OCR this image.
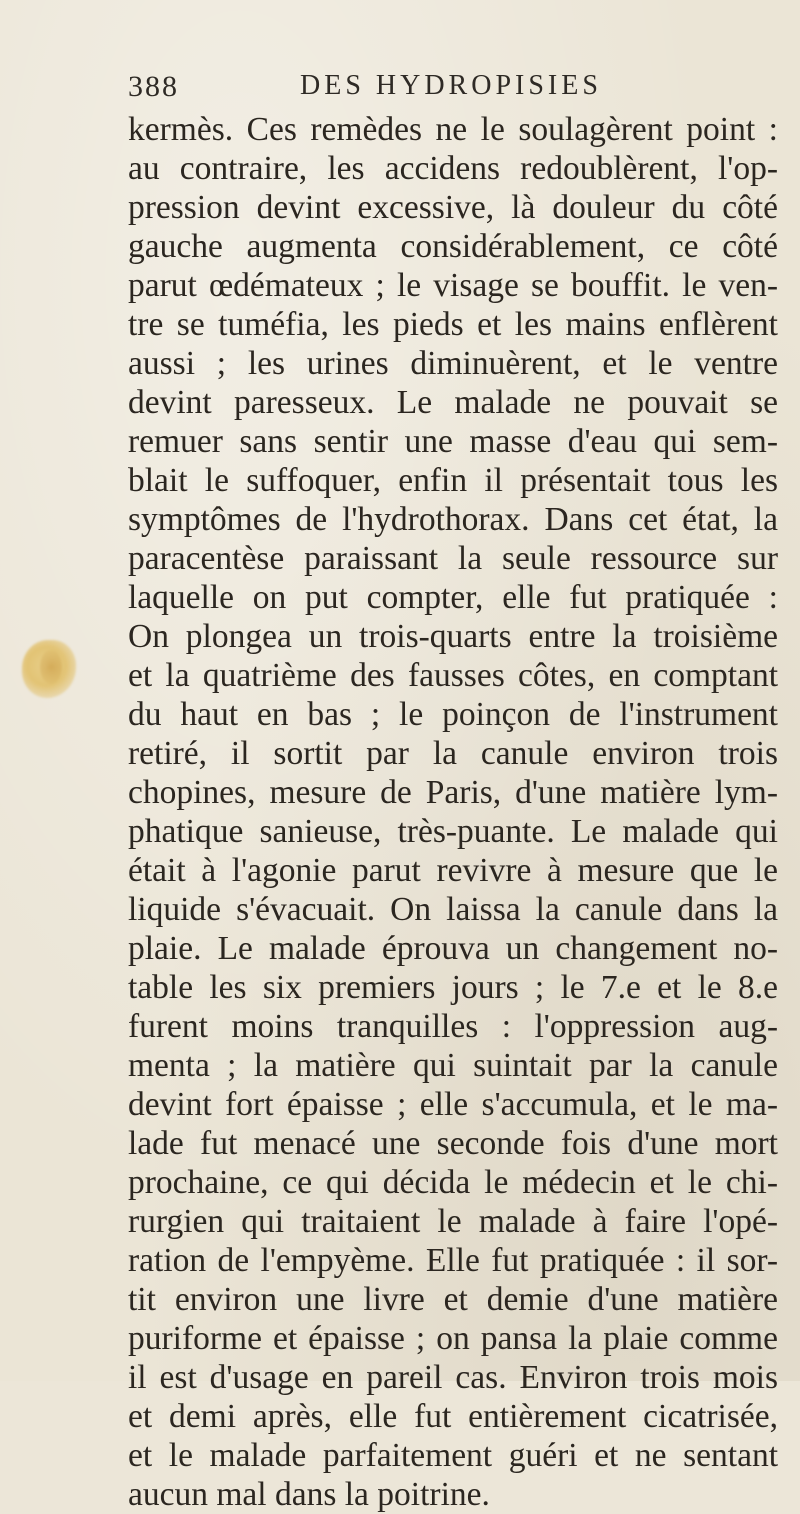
388	DES HYDROPISIES
kermès. Ces remèdes ne le soulagèrent point :
au contraire, les accidens redoublèrent, l'op-
pression devint excessive, là douleur du côté
gauche augmenta considérablement, ce côté
parut œdémateux ; le visage se bouffit. le ven-
tre se tuméfia, les pieds et les mains enflèrent
aussi ; les urines diminuèrent, et le ventre
devint paresseux. Le malade ne pouvait se
remuer sans sentir une masse d'eau qui sem-
blait le suffoquer, enfin il présentait tous les
symptômes de l'hydrothorax. Dans cet état, la
paracentèse paraissant la seule ressource sur
laquelle on put compter, elle fut pratiquée :
On plongea un trois-quarts entre la troisième
et la quatrième des fausses côtes, en comptant
du haut en bas ; le poinçon de l'instrument
retiré, il sortit par la canule environ trois
chopines, mesure de Paris, d'une matière lym-
phatique sanieuse, très-puante. Le malade qui
était à l'agonie parut revivre à mesure que le
liquide s'évacuait. On laissa la canule dans la
plaie. Le malade éprouva un changement no-
table les six premiers jours ; le 7.e et le 8.e
furent moins tranquilles : l'oppression aug-
menta ; la matière qui suintait par la canule
devint fort épaisse ; elle s'accumula, et le ma-
lade fut menacé une seconde fois d'une mort
prochaine, ce qui décida le médecin et le chi-
rurgien qui traitaient le malade à faire l'opé-
ration de l'empyème. Elle fut pratiquée : il sor-
tit environ une livre et demie d'une matière
puriforme et épaisse ; on pansa la plaie comme
il est d'usage en pareil cas. Environ trois mois
et demi après, elle fut entièrement cicatrisée,
et le malade parfaitement guéri et ne sentant
aucun mal dans la poitrine.
